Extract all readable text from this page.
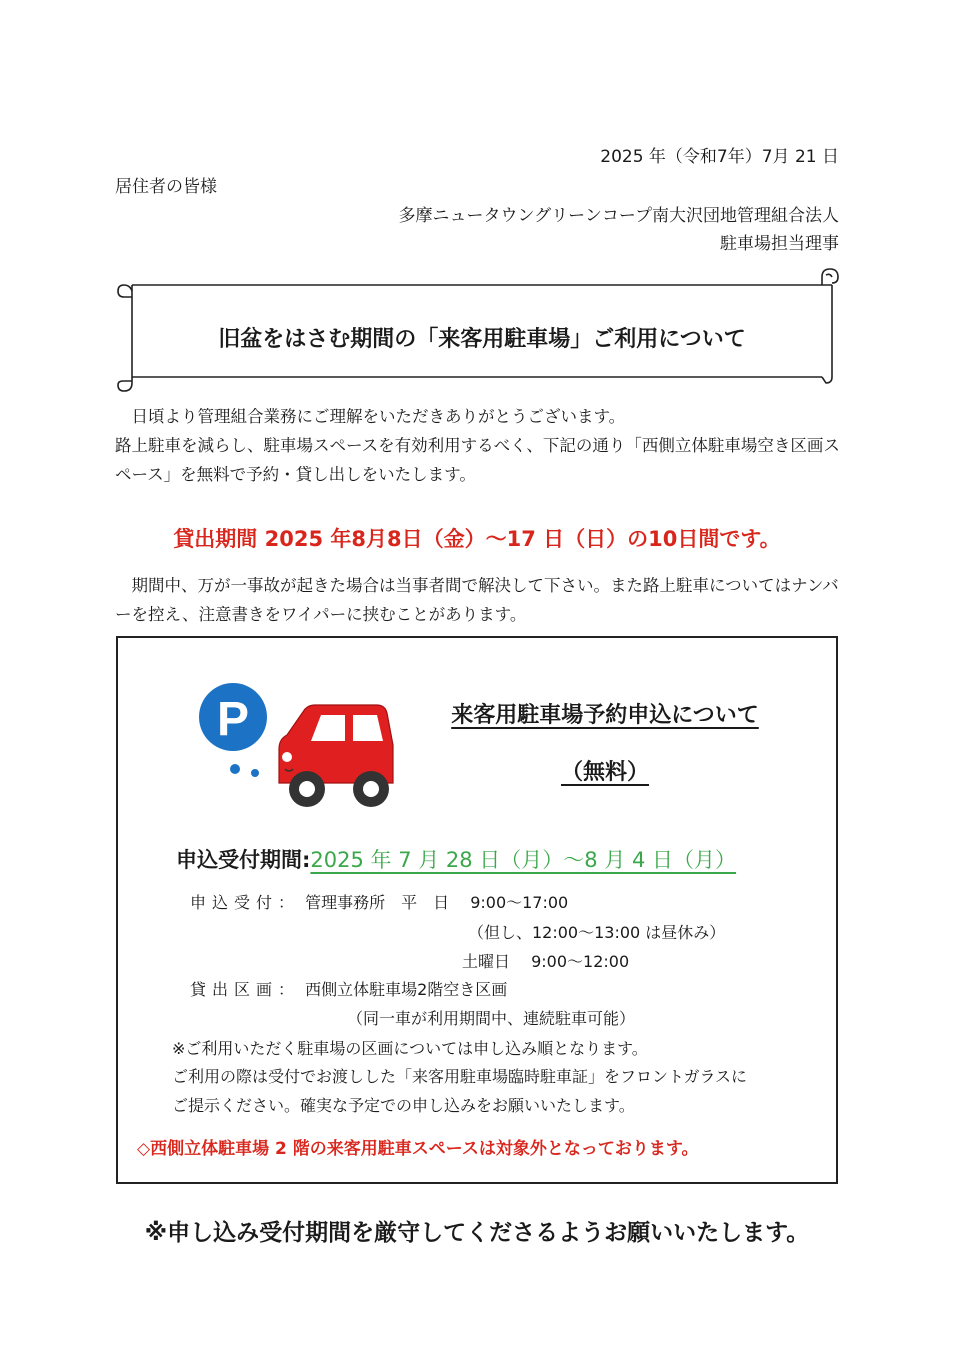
2025 年（令和7年）7月 21 日
居住者の皆様
多摩ニュータウングリーンコープ南大沢団地管理組合法人
駐車場担当理事
旧盆をはさむ期間の「来客用駐車場」ご利用について
　日頃より管理組合業務にご理解をいただきありがとうございます。
路上駐車を減らし、駐車場スペースを有効利用するべく、下記の通り「西側立体駐車場空き区画スペース」を無料で予約・貸し出しをいたします。
貸出期間 2025 年8月8日（金）～17 日（日）の10日間です。
　期間中、万が一事故が起きた場合は当事者間で解決して下さい。また路上駐車についてはナンバーを控え、注意書きをワイパーに挟むことがあります。
P	来客用駐車場予約申込について
（無料）
申込受付期間:2025 年 7 月 28 日（月）～8 月 4 日（月）
申込受付： 管理事務所　平　日　 9:00～17:00
（但し、12:00～13:00 は昼休み）
土曜日　 9:00～12:00
貸出区画： 西側立体駐車場2階空き区画
（同一車が利用期間中、連続駐車可能）
※ご利用いただく駐車場の区画については申し込み順となります。
ご利用の際は受付でお渡しした「来客用駐車場臨時駐車証」をフロントガラスに
ご提示ください。確実な予定での申し込みをお願いいたします。
◇西側立体駐車場 2 階の来客用駐車スペースは対象外となっております。
※申し込み受付期間を厳守してくださるようお願いいたします。
